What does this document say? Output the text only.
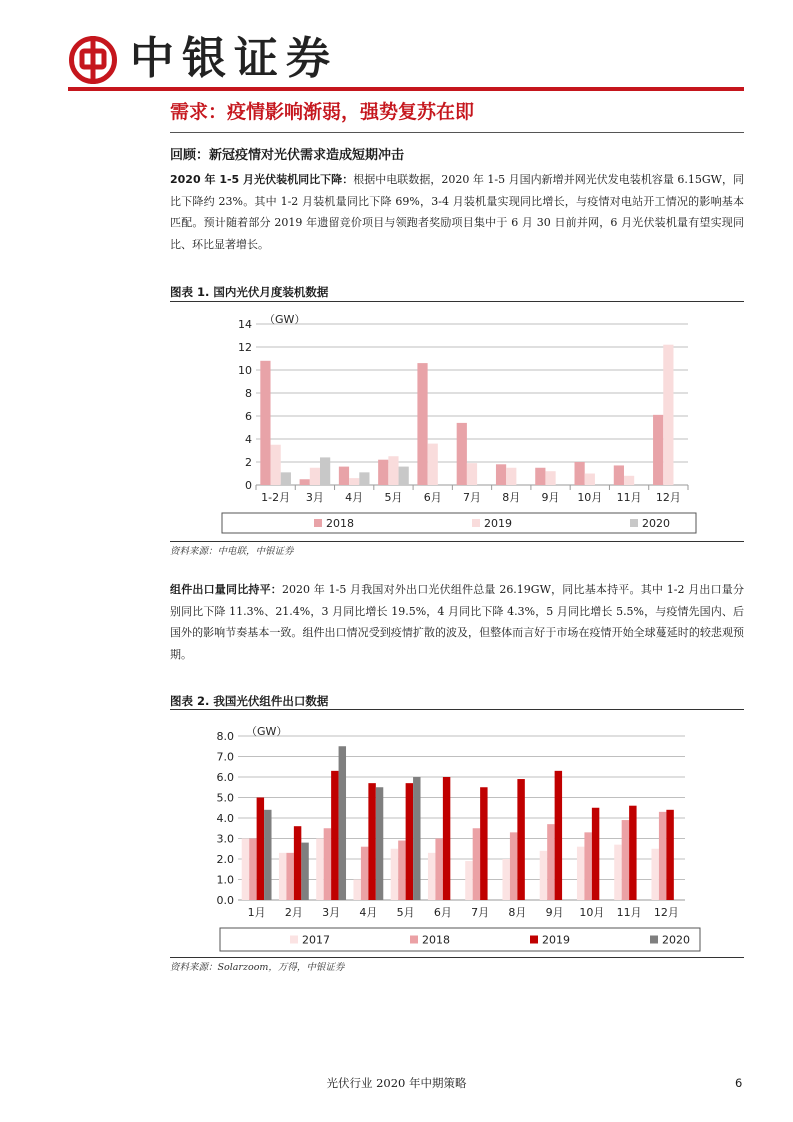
中银证券
需求：疫情影响渐弱，强势复苏在即
回顾：新冠疫情对光伏需求造成短期冲击
2020 年 1-5 月光伏装机同比下降：根据中电联数据，2020 年 1-5 月国内新增并网光伏发电装机容量 6.15GW，同比下降约 23%。其中 1-2 月装机量同比下降 69%，3-4 月装机量实现同比增长，与疫情对电站开工情况的影响基本匹配。预计随着部分 2019 年遗留竞价项目与领跑者奖励项目集中于 6 月 30 日前并网，6 月光伏装机量有望实现同比、环比显著增长。
图表 1. 国内光伏月度装机数据
0
2
4
6
8
10
12
14 （GW）
1-2月 3月 4月 5月 6月 7月 8月 9月 10月 11月 12月
2018	2019	2020
资料来源：中电联，中银证券
组件出口量同比持平：2020 年 1-5 月我国对外出口光伏组件总量 26.19GW，同比基本持平。其中 1-2 月出口量分别同比下降 11.3%、21.4%，3 月同比增长 19.5%，4 月同比下降 4.3%，5 月同比增长 5.5%，与疫情先国内、后国外的影响节奏基本一致。组件出口情况受到疫情扩散的波及，但整体而言好于市场在疫情开始全球蔓延时的较悲观预期。
图表 2. 我国光伏组件出口数据
0.0
1.0
2.0
3.0
4.0
5.0
6.0
7.0
8.0 （GW）
1月 2月 3月 4月 5月 6月 7月 8月 9月 10月 11月 12月
2017	2018	2019	2020
资料来源：Solarzoom，万得，中银证券
光伏行业 2020 年中期策略	6
